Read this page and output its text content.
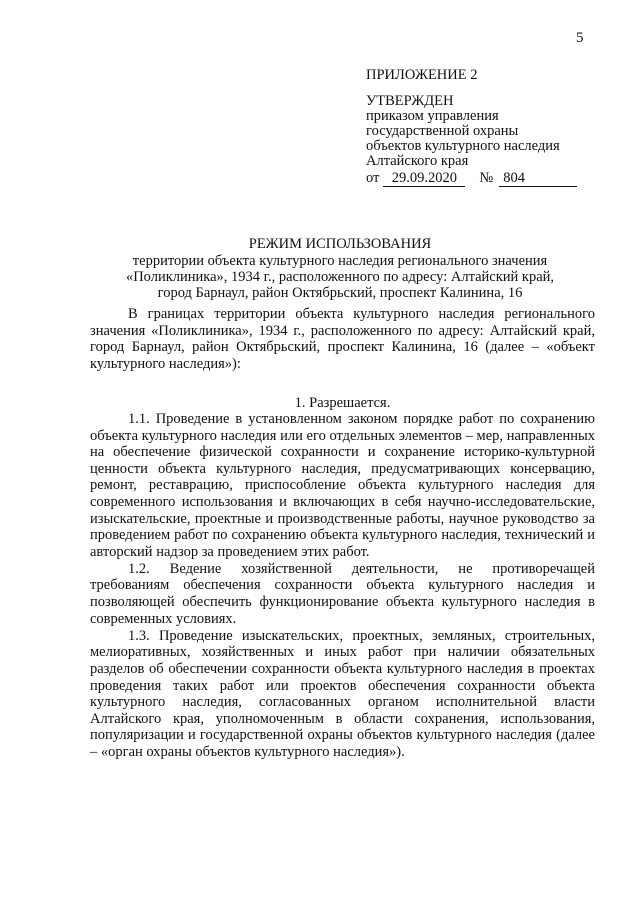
5
ПРИЛОЖЕНИЕ 2
УТВЕРЖДЕН
приказом управления
государственной охраны
объектов культурного наследия
Алтайского края
от 29.09.2020 № 804
РЕЖИМ ИСПОЛЬЗОВАНИЯ
территории объекта культурного наследия регионального значения
«Поликлиника», 1934 г., расположенного по адресу: Алтайский край,
город Барнаул, район Октябрьский, проспект Калинина, 16

В границах территории объекта культурного наследия регионального значения «Поликлиника», 1934 г., расположенного по адресу: Алтайский край, город Барнаул, район Октябрьский, проспект Калинина, 16 (далее – «объект культурного наследия»):

1. Разрешается.

1.1. Проведение в установленном законом порядке работ по сохранению объекта культурного наследия или его отдельных элементов – мер, направленных на обеспечение физической сохранности и сохранение историко-культурной ценности объекта культурного наследия, предусматривающих консервацию, ремонт, реставрацию, приспособление объекта культурного наследия для современного использования и включающих в себя научно-исследовательские, изыскательские, проектные и производственные работы, научное руководство за проведением работ по сохранению объекта культурного наследия, технический и авторский надзор за проведением этих работ.

1.2. Ведение хозяйственной деятельности, не противоречащей требованиям обеспечения сохранности объекта культурного наследия и позволяющей обеспечить функционирование объекта культурного наследия в современных условиях.

1.3. Проведение изыскательских, проектных, земляных, строительных, мелиоративных, хозяйственных и иных работ при наличии обязательных разделов об обеспечении сохранности объекта культурного наследия в проектах проведения таких работ или проектов обеспечения сохранности объекта культурного наследия, согласованных органом исполнительной власти Алтайского края, уполномоченным в области сохранения, использования, популяризации и государственной охраны объектов культурного наследия (далее – «орган охраны объектов культурного наследия»).
